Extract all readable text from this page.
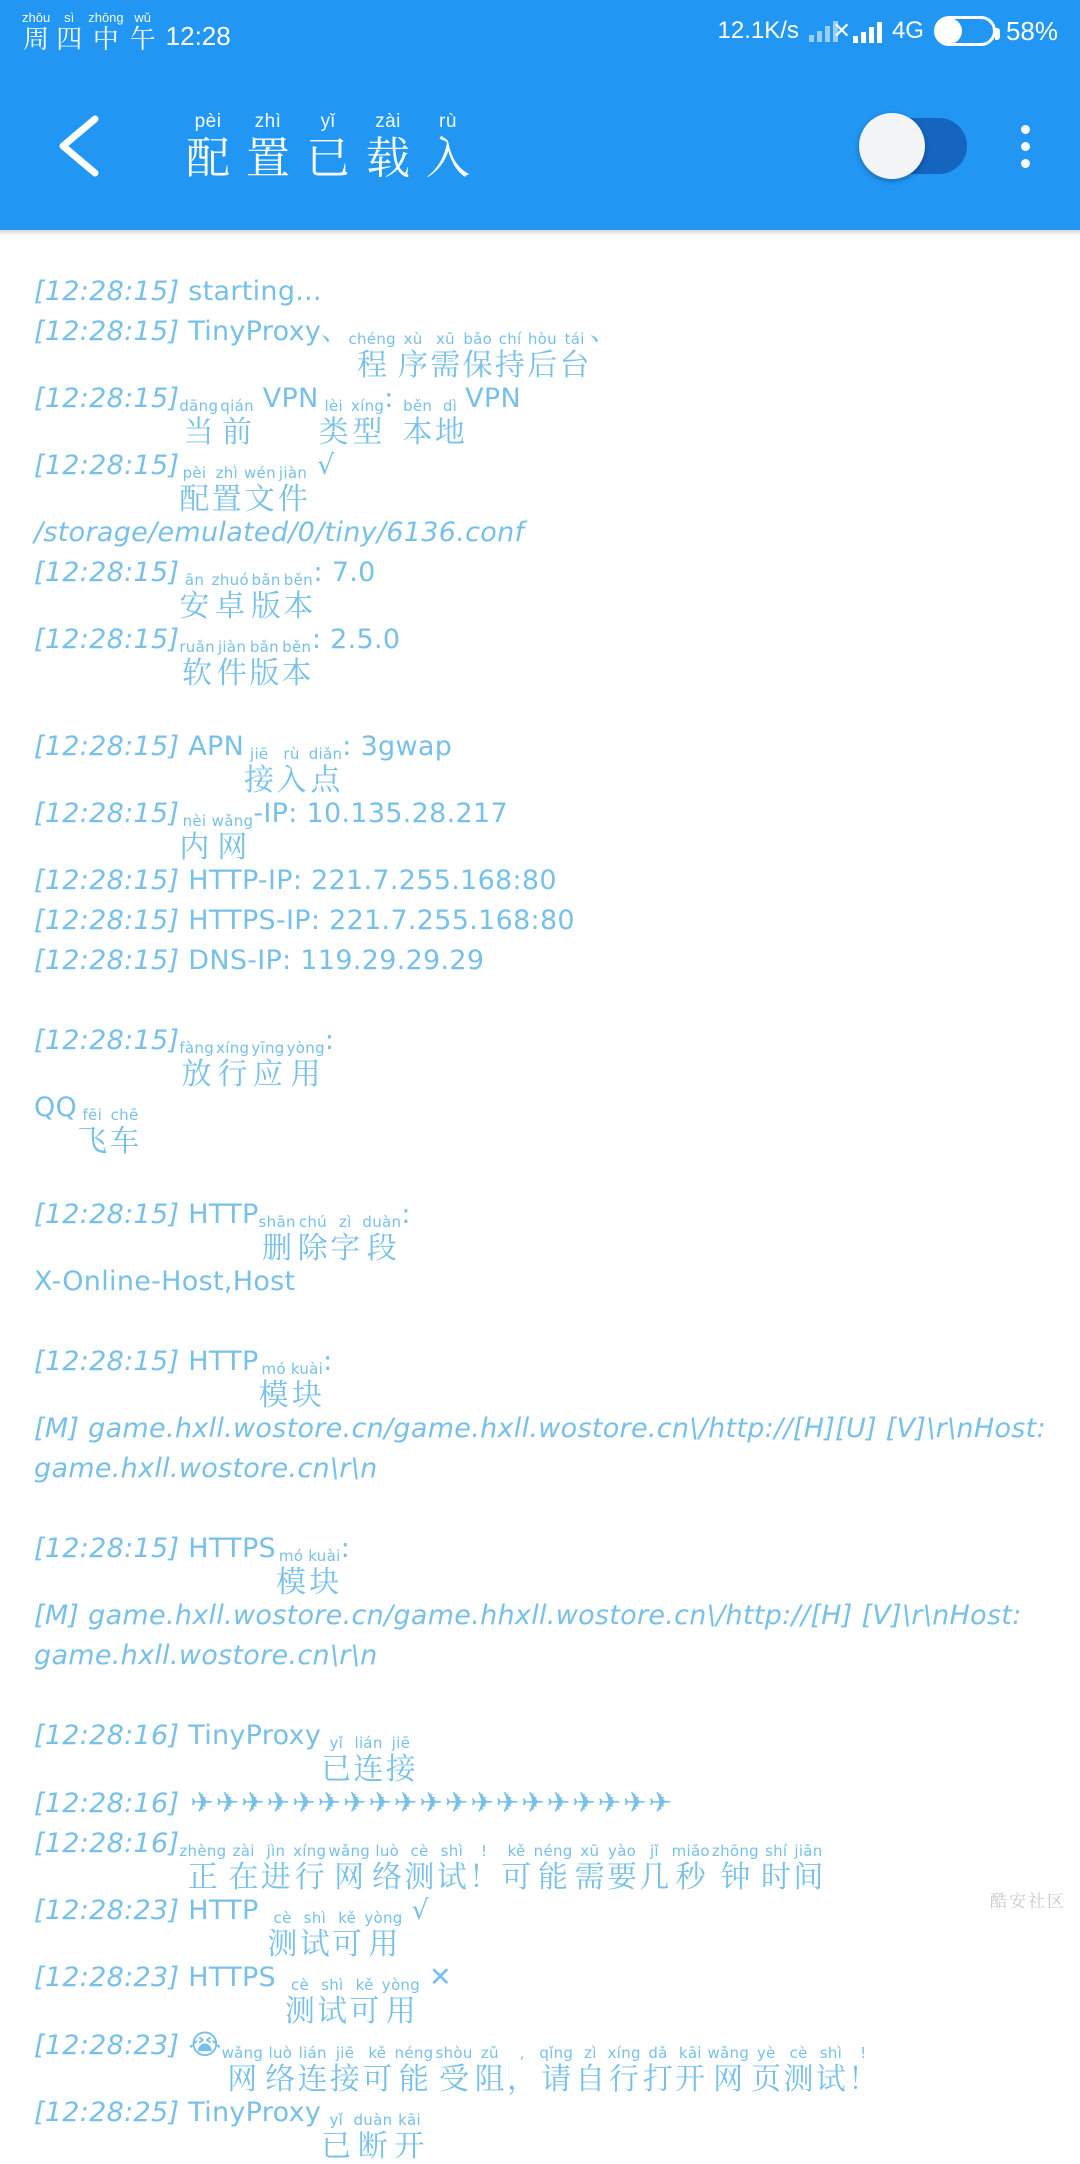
zhōu
周
sì
四
zhōng
中
wǔ
午 12:28	12.1K/s ✕ 4G	58%
pèi
配
zhì
置
yǐ
已
zài
载
rù
入
[12:28:15] starting...
[12:28:15] TinyProxy、 chéng
程
xù
序
xū
需
bǎo
保
chí
持
hòu
后
tái
台
、
[12:28:15] dāng
当
qián
前
VPN lèi
类
xíng
型
: běn
本
dì
地
VPN
[12:28:15] pèi
配
zhì
置
wén
文
jiàn
件
√
/storage/emulated/0/tiny/6136.conf
[12:28:15] ān
安
zhuó
卓
bǎn
版
běn
本
: 7.0
[12:28:15] ruǎn
软
jiàn
件
bǎn
版
běn
本
: 2.5.0
[12:28:15] APN jiē
接
rù
入
diǎn
点
: 3gwap
[12:28:15] nèi
内
wǎng
网
-IP: 10.135.28.217
[12:28:15] HTTP-IP: 221.7.255.168:80
[12:28:15] HTTPS-IP: 221.7.255.168:80
[12:28:15] DNS-IP: 119.29.29.29
[12:28:15] fàng
放
xíng
行
yīng
应
yòng
用
:
QQ fēi
飞
chē
车
[12:28:15] HTTP shān
删
chú
除
zì
字
duàn
段
:
X-Online-Host,Host
[12:28:15] HTTP mó
模
kuài
块
:
[M] game.hxll.wostore.cn/game.hxll.wostore.cn\/http://[H][U] [V]\r\nHost: game.hxll.wostore.cn\r\n
[12:28:15] HTTPS mó
模
kuài
块
:
[M] game.hxll.wostore.cn/game.hhxll.wostore.cn\/http://[H] [V]\r\nHost: game.hxll.wostore.cn\r\n
[12:28:16] TinyProxy yǐ
已
lián
连
jiē
接
[12:28:16] ✈✈✈✈✈✈✈✈✈✈✈✈✈✈✈✈✈✈✈
[12:28:16] zhèng
正
zài
在
jìn
进
xíng
行
wǎng
网
luò
络
cè
测
shì
试
!
！
kě
可
néng
能
xū
需
yào
要
jǐ
几
miǎo
秒
zhōng
钟
shí
时
jiān
间
[12:28:23] HTTP cè
测
shì
试
kě
可
yòng
用
√
[12:28:23] HTTPS cè
测
shì
试
kě
可
yòng
用
✕
[12:28:23] 😭 wǎng
网
luò
络
lián
连
jiē
接
kě
可
néng
能
shòu
受
zǔ
阻
,
，
qǐng
请
zì
自
xíng
行
dǎ
打
kāi
开
wǎng
网
yè
页
cè
测
shì
试
!
！
[12:28:25] TinyProxy yǐ
已
duàn
断
kāi
开
酷安社区
